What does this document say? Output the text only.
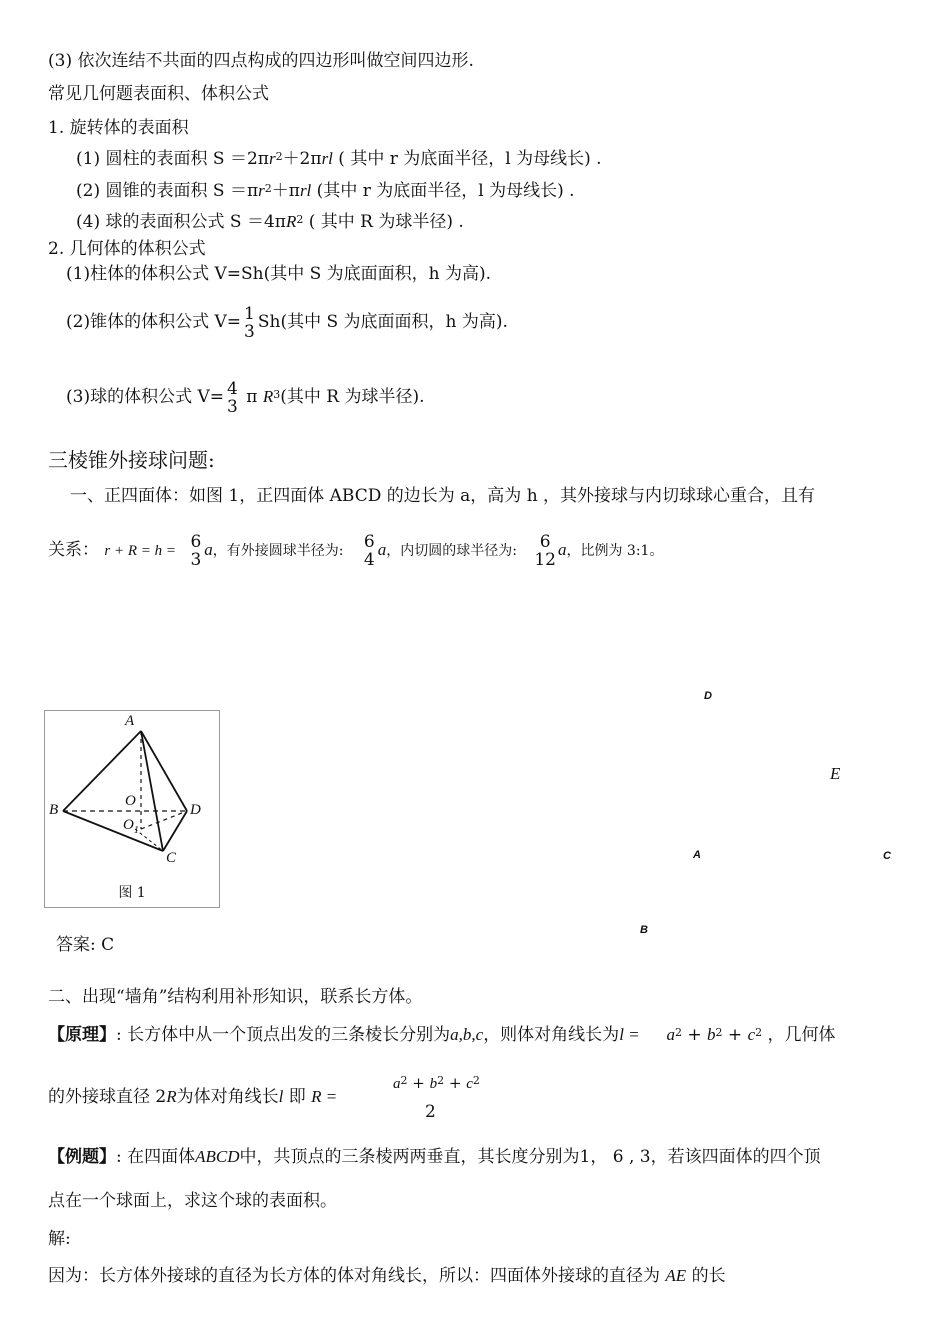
(3) 依次连结不共面的四点构成的四边形叫做空间四边形.
常见几何题表面积、体积公式
1. 旋转体的表面积
(1) 圆柱的表面积 $S =2\pi r^2+2\pi rl$ ( 其中 r 为底面半径，l 为母线长) .
(2) 圆锥的表面积 $S =\pi r^2+\pi rl$ (其中 r 为底面半径，l 为母线长) .
(4) 球的表面积公式 $S =4\pi R^2$ ( 其中 R 为球半径) .
2. 几何体的体积公式
(1)柱体的体积公式 V=Sh(其中 S 为底面面积，h 为高).
(2)锥体的体积公式 V= 1
3 Sh(其中 S 为底面面积，h 为高).
(3)球的体积公式 V= 4
3 π $R^3$(其中 R 为球半径).
三棱锥外接球问题:
一、正四面体：如图 1，正四面体 ABCD 的边长为 a，高为 h ，其外接球与内切球球心重合，且有
关系： r + R = h = 6
3 a，有外接圆球半径为: 6
4 a，内切圆的球半径为:	6
12 a，比例为 3:1。
A
B	D
C
O
$O_1$
图 1
D
E
A	C
B
答案: C
二、出现“墙角”结构利用补形知识，联系长方体。
【原理】: 长方体中从一个顶点出发的三条棱长分别为a,b,c，则体对角线长为$l = a^2 + b^2 + c^2$ ，几何体
的外接球直径 2R为体对角线长l 即 R =
$a^2 + b^2 + c^2$
2
【例题】: 在四面体ABCD中，共顶点的三条棱两两垂直，其长度分别为1， 6 , 3，若该四面体的四个顶
点在一个球面上，求这个球的表面积。
解:
因为：长方体外接球的直径为长方体的体对角线长，所以：四面体外接球的直径为 AE 的长
